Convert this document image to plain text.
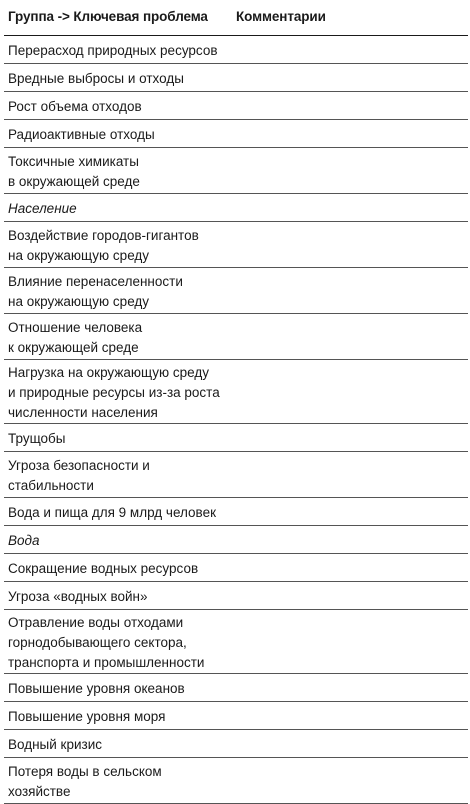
Группа -> Ключевая проблема	Комментарии
Перерасход природных ресурсов
Вредные выбросы и отходы
Рост объема отходов
Радиоактивные отходы
Токсичные химикаты
в окружающей среде
Население
Воздействие городов-гигантов
на окружающую среду
Влияние перенаселенности
на окружающую среду
Отношение человека
к окружающей среде
Нагрузка на окружающую среду
и природные ресурсы из-за роста
численности населения
Трущобы
Угроза безопасности и
стабильности
Вода и пища для 9 млрд человек
Вода
Сокращение водных ресурсов
Угроза «водных войн»
Отравление воды отходами
горнодобывающего сектора,
транспорта и промышленности
Повышение уровня океанов
Повышение уровня моря
Водный кризис
Потеря воды в сельском
хозяйстве
